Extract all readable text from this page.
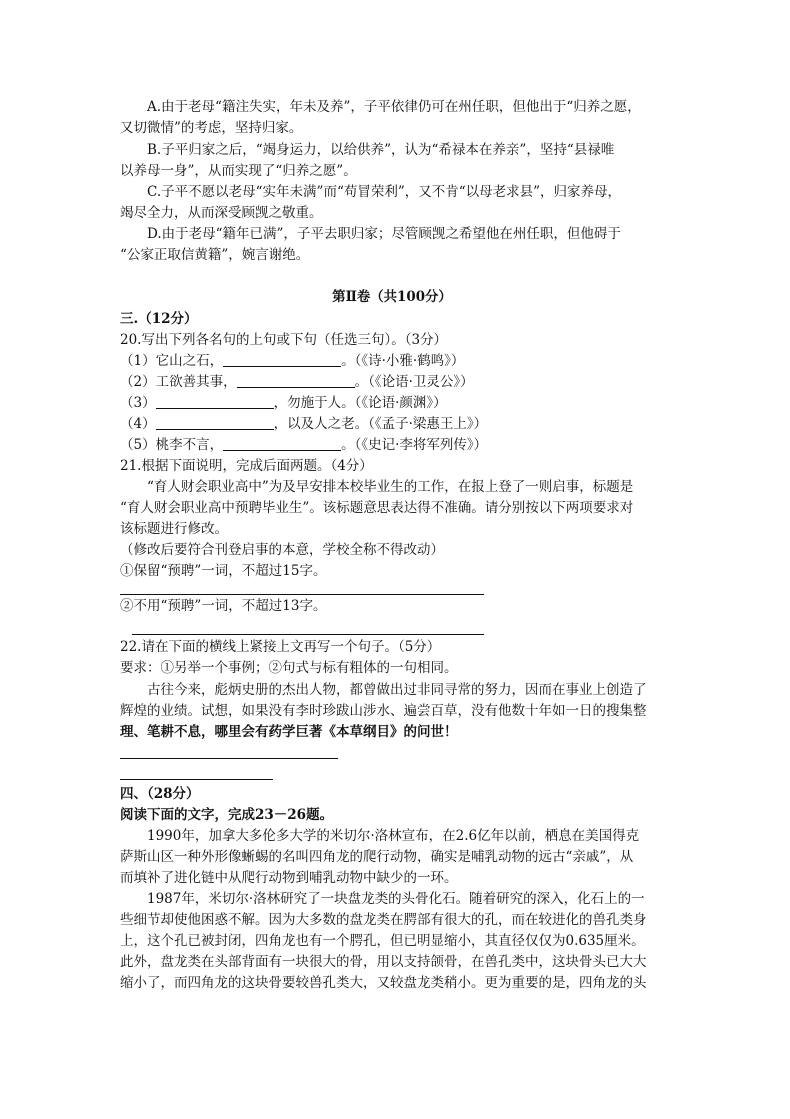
A.由于老母“籍注失实，年未及养”，子平依律仍可在州任职，但他出于“归养之愿，
又切微情”的考虑，坚持归家。
B.子平归家之后，“竭身运力，以给供养”，认为“希禄本在养亲”，坚持“县禄唯
以养母一身”，从而实现了“归养之愿”。
C.子平不愿以老母“实年未满”而“苟冒荣利”，又不肯“以母老求县”，归家养母，
竭尽全力，从而深受顾觊之敬重。
D.由于老母“籍年已满”，子平去职归家；尽管顾觊之希望他在州任职，但他碍于
“公家正取信黄籍”，婉言谢绝。
第Ⅱ卷（共100分）
三.（12分）
20.写出下列各名句的上句或下句（任选三句）。（3分）
（1）它山之石，	。（《诗·小雅·鹤鸣》）
（2）工欲善其事，	。（《论语·卫灵公》）
（3）	，勿施于人。（《论语·颜渊》）
（4）	，以及人之老。（《孟子·梁惠王上》）
（5）桃李不言，	。（《史记·李将军列传》）
21.根据下面说明，完成后面两题。（4分）
“育人财会职业高中”为及早安排本校毕业生的工作，在报上登了一则启事，标题是
“育人财会职业高中预聘毕业生”。该标题意思表达得不准确。请分别按以下两项要求对
该标题进行修改。
（修改后要符合刊登启事的本意，学校全称不得改动）
①保留“预聘”一词，不超过15字。
②不用“预聘”一词，不超过13字。
22.请在下面的横线上紧接上文再写一个句子。（5分）
要求：①另举一个事例；②句式与标有粗体的一句相同。
古往今来，彪炳史册的杰出人物，都曾做出过非同寻常的努力，因而在事业上创造了
辉煌的业绩。试想，如果没有李时珍跋山涉水、遍尝百草，没有他数十年如一日的搜集整
理、笔耕不息，哪里会有药学巨著《本草纲目》的问世！
四、（28分）
阅读下面的文字，完成23－26题。
1990年，加拿大多伦多大学的米切尔·洛林宣布，在2.6亿年以前，栖息在美国得克
萨斯山区一种外形像蜥蜴的名叫四角龙的爬行动物，确实是哺乳动物的远古“亲戚”，从
而填补了进化链中从爬行动物到哺乳动物中缺少的一环。
1987年，米切尔·洛林研究了一块盘龙类的头骨化石。随着研究的深入，化石上的一
些细节却使他困惑不解。因为大多数的盘龙类在腭部有很大的孔，而在较进化的兽孔类身
上，这个孔已被封闭，四角龙也有一个腭孔，但已明显缩小，其直径仅仅为0.635厘米。
此外，盘龙类在头部背面有一块很大的骨，用以支持颌骨，在兽孔类中，这块骨头已大大
缩小了，而四角龙的这块骨要较兽孔类大，又较盘龙类稍小。更为重要的是，四角龙的头
